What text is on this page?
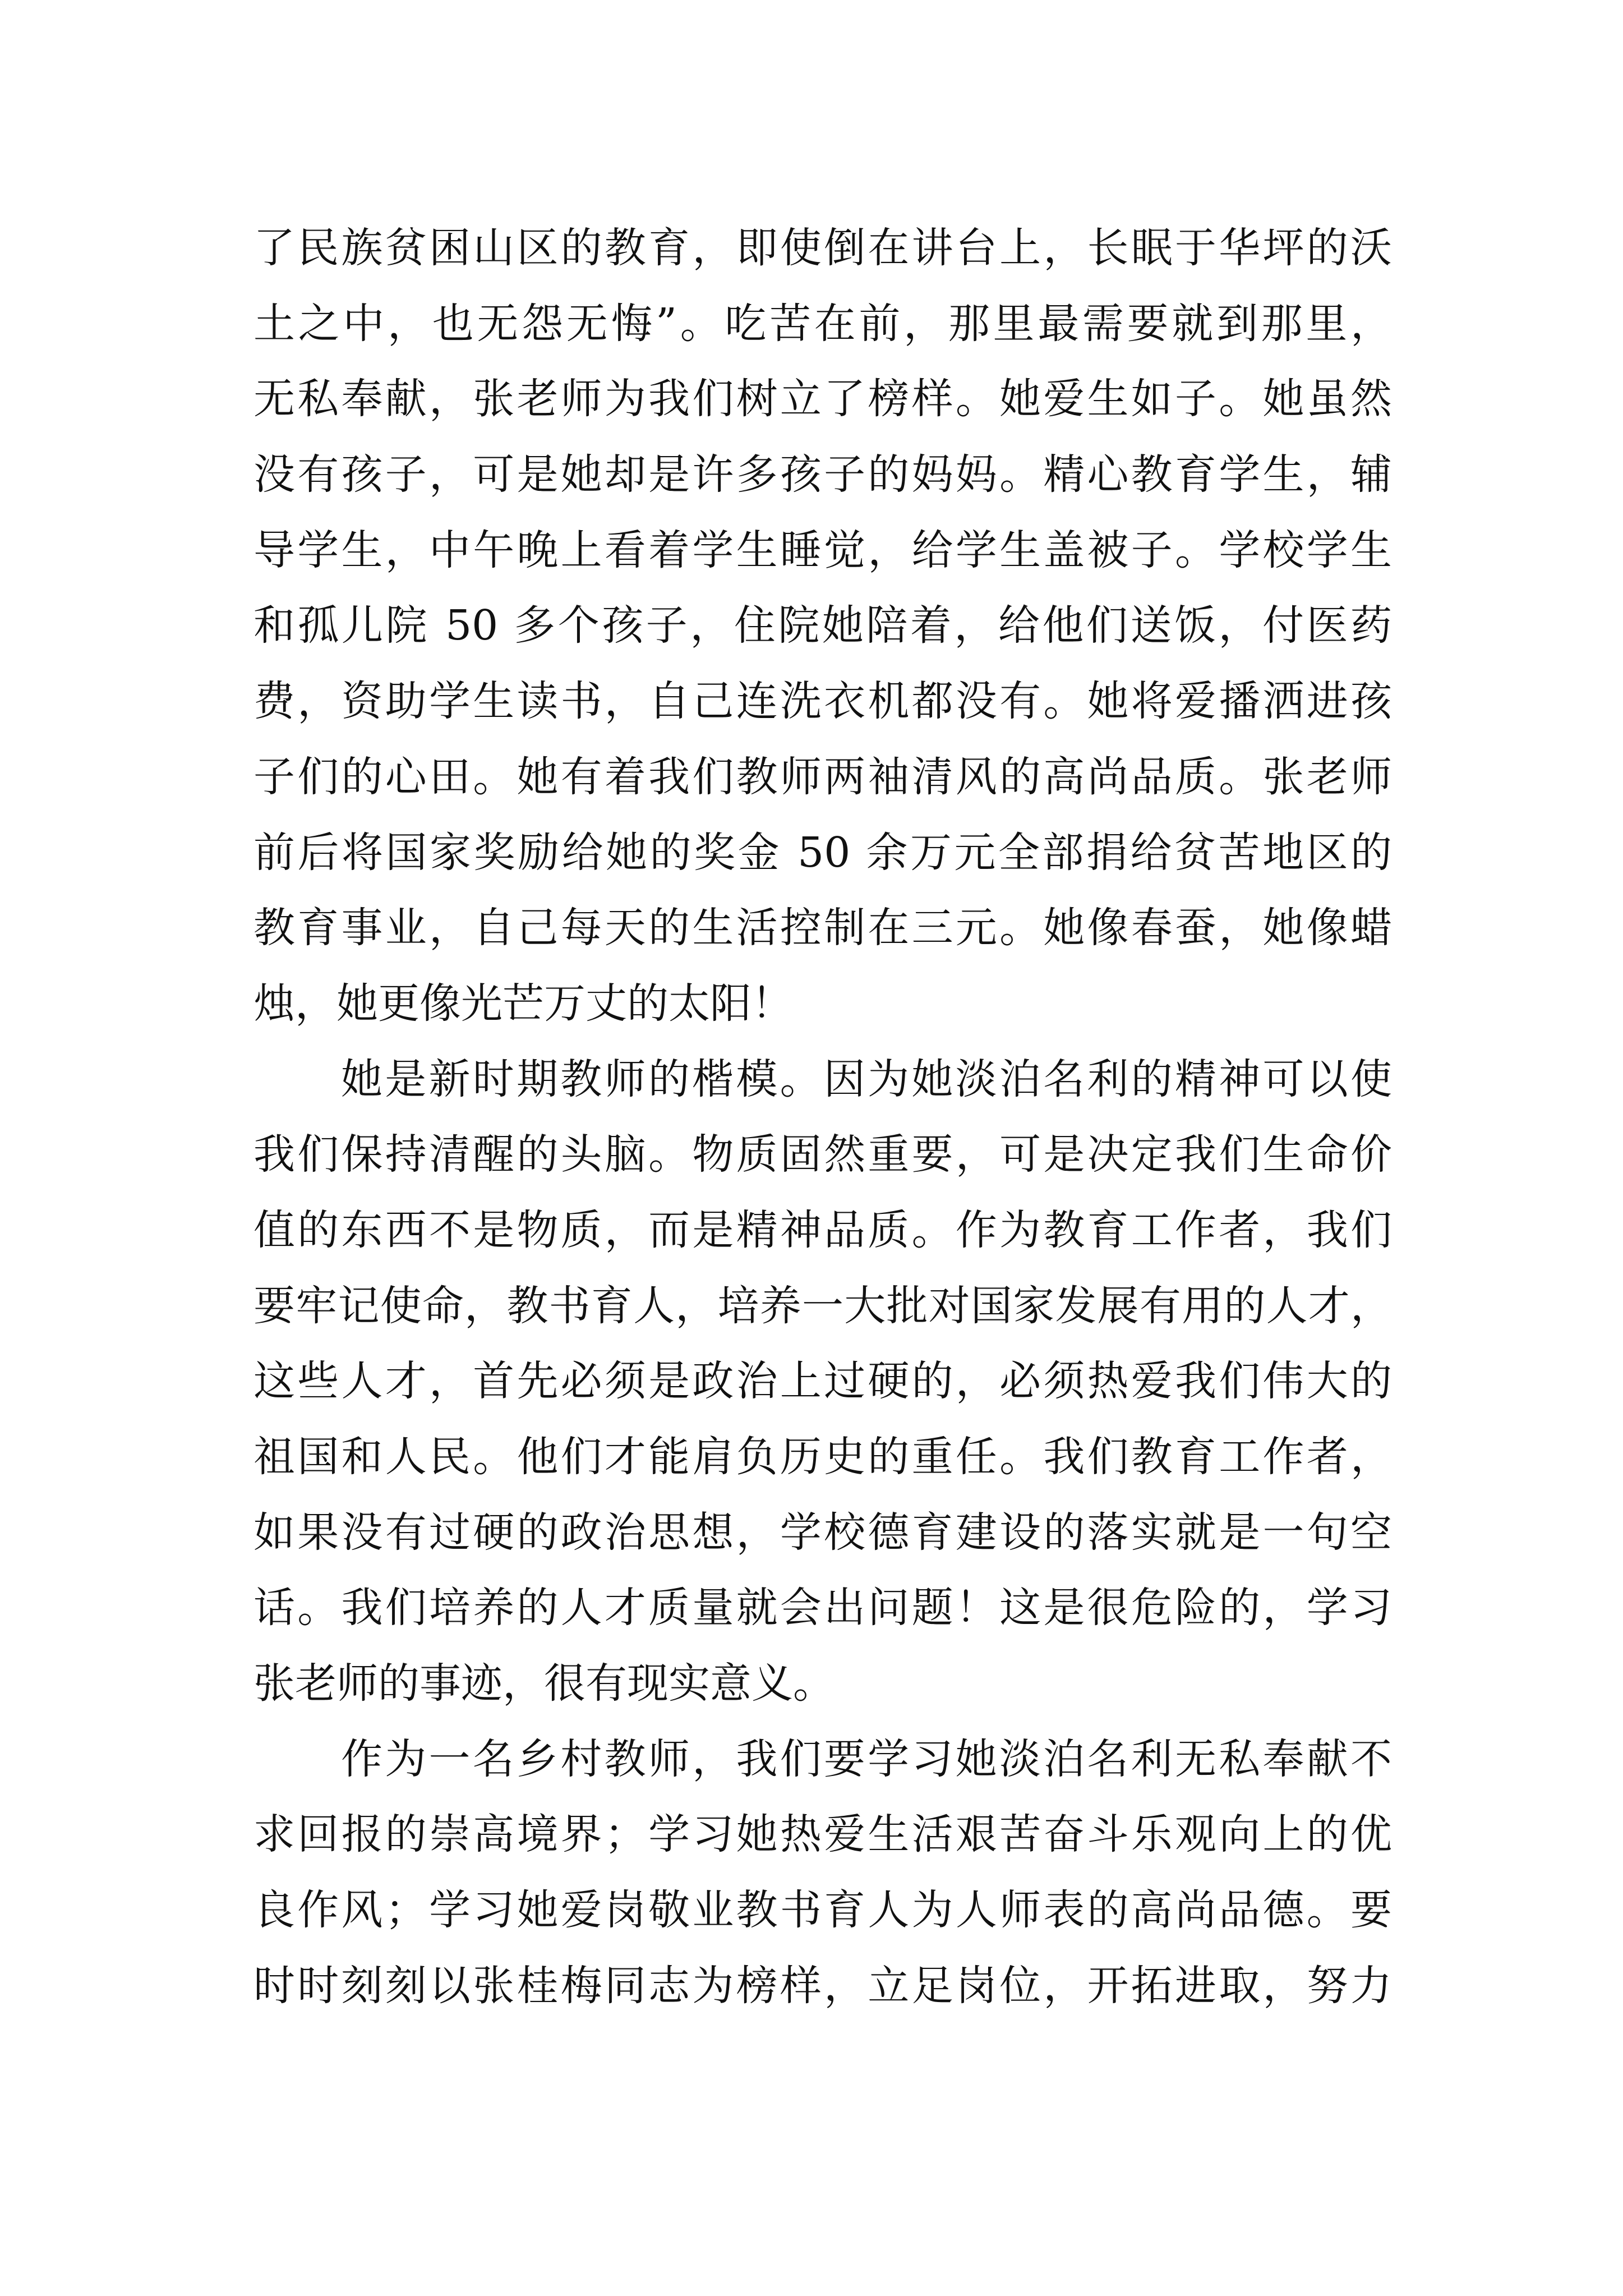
了民族贫困山区的教育，即使倒在讲台上，长眠于华坪的沃
土之中，也无怨无悔”。吃苦在前，那里最需要就到那里，
无私奉献，张老师为我们树立了榜样。她爱生如子。她虽然
没有孩子，可是她却是许多孩子的妈妈。精心教育学生，辅
导学生，中午晚上看着学生睡觉，给学生盖被子。学校学生
和孤儿院 50 多个孩子，住院她陪着，给他们送饭，付医药
费，资助学生读书，自己连洗衣机都没有。她将爱播洒进孩
子们的心田。她有着我们教师两袖清风的高尚品质。张老师
前后将国家奖励给她的奖金 50 余万元全部捐给贫苦地区的
教育事业，自己每天的生活控制在三元。她像春蚕，她像蜡
烛，她更像光芒万丈的太阳！
她是新时期教师的楷模。因为她淡泊名利的精神可以使
我们保持清醒的头脑。物质固然重要，可是决定我们生命价
值的东西不是物质，而是精神品质。作为教育工作者，我们
要牢记使命，教书育人，培养一大批对国家发展有用的人才，
这些人才，首先必须是政治上过硬的，必须热爱我们伟大的
祖国和人民。他们才能肩负历史的重任。我们教育工作者，
如果没有过硬的政治思想，学校德育建设的落实就是一句空
话。我们培养的人才质量就会出问题！这是很危险的，学习
张老师的事迹，很有现实意义。
作为一名乡村教师，我们要学习她淡泊名利无私奉献不
求回报的崇高境界；学习她热爱生活艰苦奋斗乐观向上的优
良作风；学习她爱岗敬业教书育人为人师表的高尚品德。要
时时刻刻以张桂梅同志为榜样，立足岗位，开拓进取，努力
